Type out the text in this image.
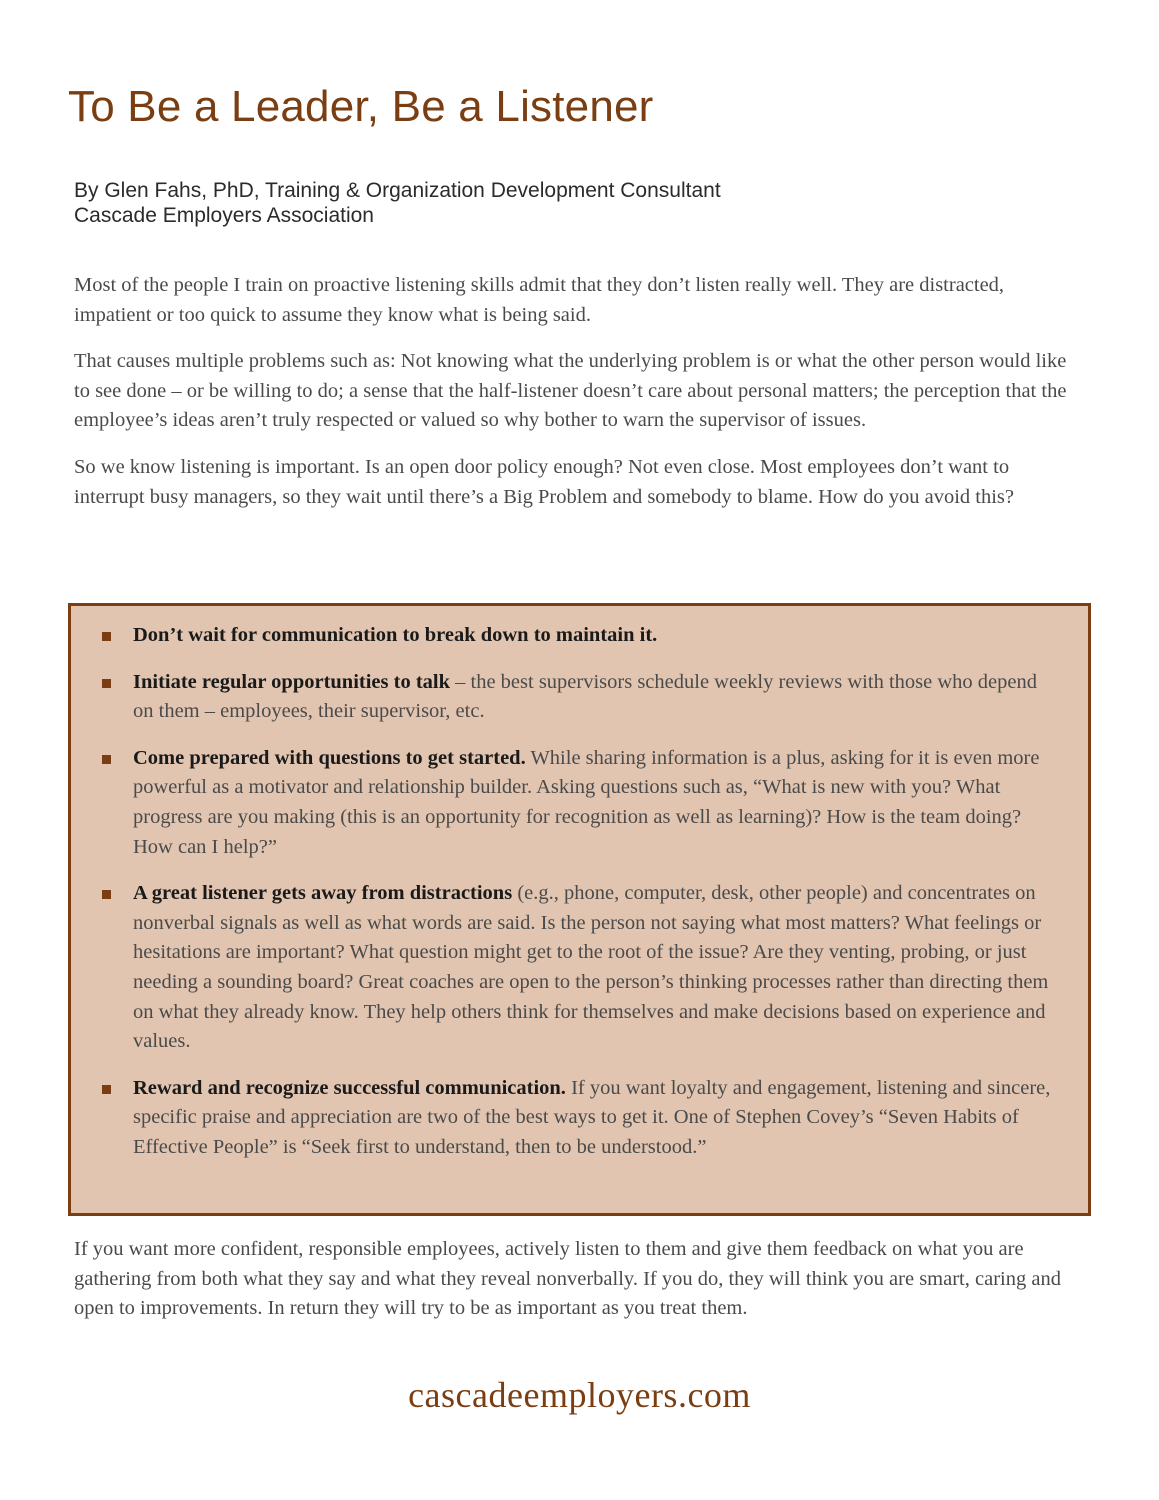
To Be a Leader, Be a Listener
By Glen Fahs, PhD, Training & Organization Development Consultant
Cascade Employers Association

Most of the people I train on proactive listening skills admit that they don’t listen really well. They are distracted, impatient or too quick to assume they know what is being said.

That causes multiple problems such as: Not knowing what the underlying problem is or what the other person would like to see done – or be willing to do; a sense that the half-listener doesn’t care about personal matters; the perception that the employee’s ideas aren’t truly respected or valued so why bother to warn the supervisor of issues.

So we know listening is important. Is an open door policy enough? Not even close. Most employees don’t want to interrupt busy managers, so they wait until there’s a Big Problem and somebody to blame. How do you avoid this?

Don’t wait for communication to break down to maintain it.
Initiate regular opportunities to talk – the best supervisors schedule weekly reviews with those who depend on them – employees, their supervisor, etc.
Come prepared with questions to get started. While sharing information is a plus, asking for it is even more powerful as a motivator and relationship builder. Asking questions such as, “What is new with you? What progress are you making (this is an opportunity for recognition as well as learning)? How is the team doing? How can I help?”
A great listener gets away from distractions (e.g., phone, computer, desk, other people) and concentrates on nonverbal signals as well as what words are said. Is the person not saying what most matters? What feelings or hesitations are important? What question might get to the root of the issue? Are they venting, probing, or just needing a sounding board? Great coaches are open to the person’s thinking processes rather than directing them on what they already know. They help others think for themselves and make decisions based on experience and values.
Reward and recognize successful communication. If you want loyalty and engagement, listening and sincere, specific praise and appreciation are two of the best ways to get it. One of Stephen Covey’s “Seven Habits of Effective People” is “Seek first to understand, then to be understood.”

If you want more confident, responsible employees, actively listen to them and give them feedback on what you are gathering from both what they say and what they reveal nonverbally. If you do, they will think you are smart, caring and open to improvements. In return they will try to be as important as you treat them.

cascadeemployers.com
